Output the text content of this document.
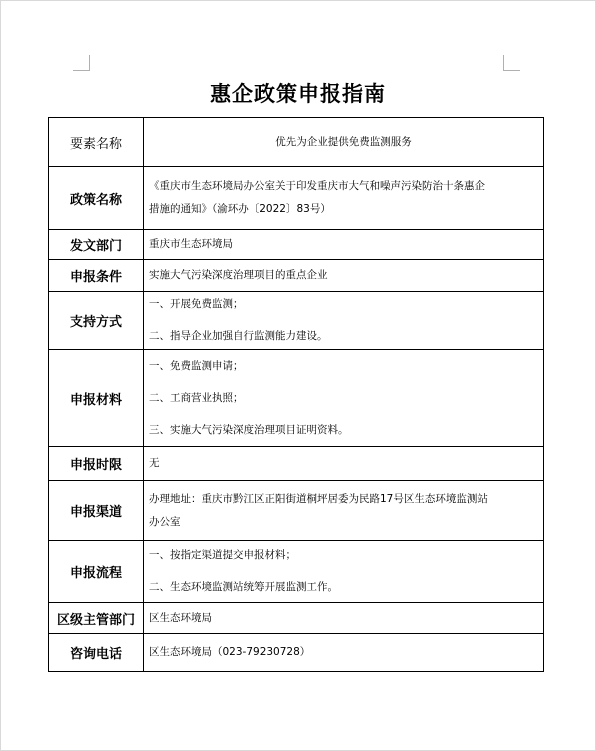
惠企政策申报指南
要素名称	优先为企业提供免费监测服务
政策名称	《重庆市生态环境局办公室关于印发重庆市大气和噪声污染防治十条惠企
措施的通知》（渝环办〔2022〕83号）

发文部门	重庆市生态环境局

申报条件	实施大气污染深度治理项目的重点企业

支持方式	一、开展免费监测；
二、指导企业加强自行监测能力建设。

申报材料	一、免费监测申请；
二、工商营业执照；
三、实施大气污染深度治理项目证明资料。

申报时限	无

申报渠道	办理地址：重庆市黔江区正阳街道桐坪居委为民路17号区生态环境监测站
办公室

申报流程	一、按指定渠道提交申报材料；
二、生态环境监测站统筹开展监测工作。

区级主管部门	区生态环境局

咨询电话	区生态环境局（023-79230728）
